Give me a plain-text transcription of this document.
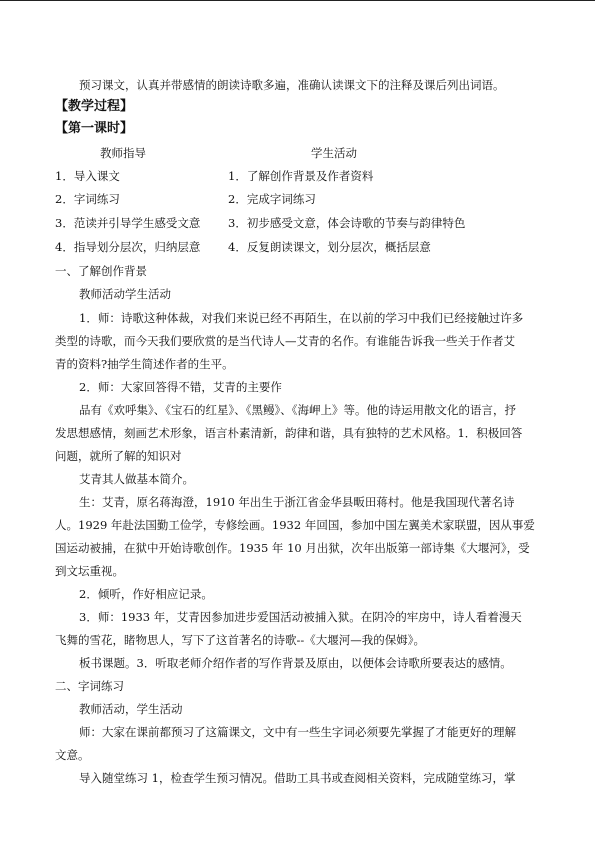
预习课文，认真并带感情的朗读诗歌多遍，准确认读课文下的注释及课后列出词语。
【教学过程】
【第一课时】
教师指导	学生活动
1．导入课文	1．了解创作背景及作者资料
2．字词练习	2．完成字词练习
3．范读并引导学生感受文意 3．初步感受文意，体会诗歌的节奏与韵律特色
4．指导划分层次，归纳层意 4．反复朗读课文，划分层次，概括层意
一、了解创作背景
教师活动学生活动
1．师：诗歌这种体裁，对我们来说已经不再陌生，在以前的学习中我们已经接触过许多
类型的诗歌，而今天我们要欣赏的是当代诗人—艾青的名作。有谁能告诉我一些关于作者艾
青的资料?抽学生简述作者的生平。
2．师：大家回答得不错，艾青的主要作
品有《欢呼集》、《宝石的红星》、《黑鳗》、《海岬上》等。他的诗运用散文化的语言，抒
发思想感情，刻画艺术形象，语言朴素清新，韵律和谐，具有独特的艺术风格。1．积极回答
问题，就所了解的知识对
艾青其人做基本简介。
生：艾青，原名蒋海澄，1910 年出生于浙江省金华县畈田蒋村。他是我国现代著名诗
人。1929 年赴法国勤工俭学，专修绘画。1932 年回国，参加中国左翼美术家联盟，因从事爱
国运动被捕，在狱中开始诗歌创作。1935 年 10 月出狱，次年出版第一部诗集《大堰河》，受
到文坛重视。
2．倾听，作好相应记录。
3．师：1933 年，艾青因参加进步爱国活动被捕入狱。在阴冷的牢房中，诗人看着漫天
飞舞的雪花，睹物思人，写下了这首著名的诗歌--《大堰河—我的保姆》。
板书课题。3．听取老师介绍作者的写作背景及原由，以便体会诗歌所要表达的感情。
二、字词练习
教师活动，学生活动
师：大家在课前都预习了这篇课文，文中有一些生字词必须要先掌握了才能更好的理解
文意。
导入随堂练习 1，检查学生预习情况。借助工具书或查阅相关资料，完成随堂练习，掌
